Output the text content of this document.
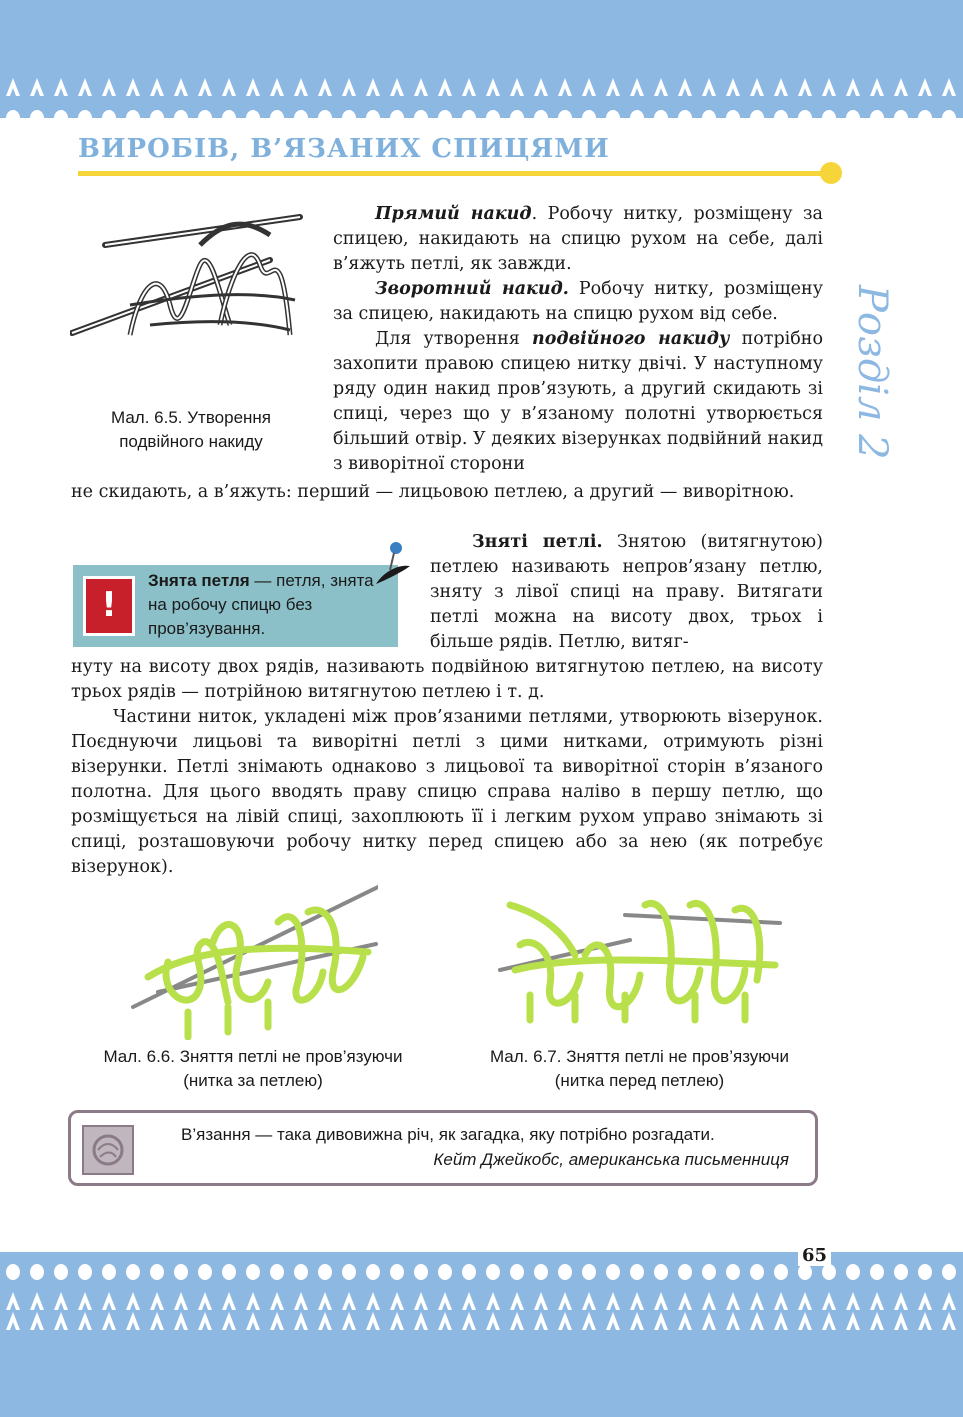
ВИРОБІВ, В’ЯЗАНИХ СПИЦЯМИ
Розділ 2
Мал. 6.5. Утворення
подвійного накиду

Прямий накид. Робочу нитку, розміщену за спицею, накидають на спицю рухом на себе, далі в’яжуть петлі, як завжди.

Зворотний накид. Робочу нитку, розміщену за спицею, накидають на спицю рухом від себе.

Для утворення подвійного накиду потрібно захопити правою спицею нитку двічі. У наступному ряду один накид пров’язують, а другий скидають зі спиці, через що у в’язаному полотні утворюється більший отвір. У деяких візерунках подвійний накид з виворітної сторони

не скидають, а в’яжуть: перший — лицьовою петлею, а другий — виворітною.
!
Знята петля — петля, знята на робочу спицю без пров’язування.

Зняті петлі. Знятою (витягнутою) петлею називають непров’язану петлю, зняту з лівої спиці на праву. Витягати петлі можна на висоту двох, трьох і більше рядів. Петлю, витяг-

нуту на висоту двох рядів, називають подвійною витягнутою петлею, на висоту трьох рядів — потрійною витягнутою петлею і т. д.

Частини ниток, укладені між пров’язаними петлями, утворюють візерунок. Поєднуючи лицьові та виворітні петлі з цими нитками, отримують різні візерунки. Петлі знімають однаково з лицьової та виворітної сторін в’язаного полотна. Для цього вводять праву спицю справа наліво в першу петлю, що розміщується на лівій спиці, захоплюють її і легким рухом управо знімають зі спиці, розташовуючи робочу нитку перед спицею або за нею (як потребує візерунок).

Мал. 6.6. Зняття петлі не пров’язуючи
(нитка за петлею)
Мал. 6.7. Зняття петлі не пров’язуючи
(нитка перед петлею)
В’язання — така дивовижна річ, як загадка, яку потрібно розгадати.
Кейт Джейкобс, американська письменниця
65
